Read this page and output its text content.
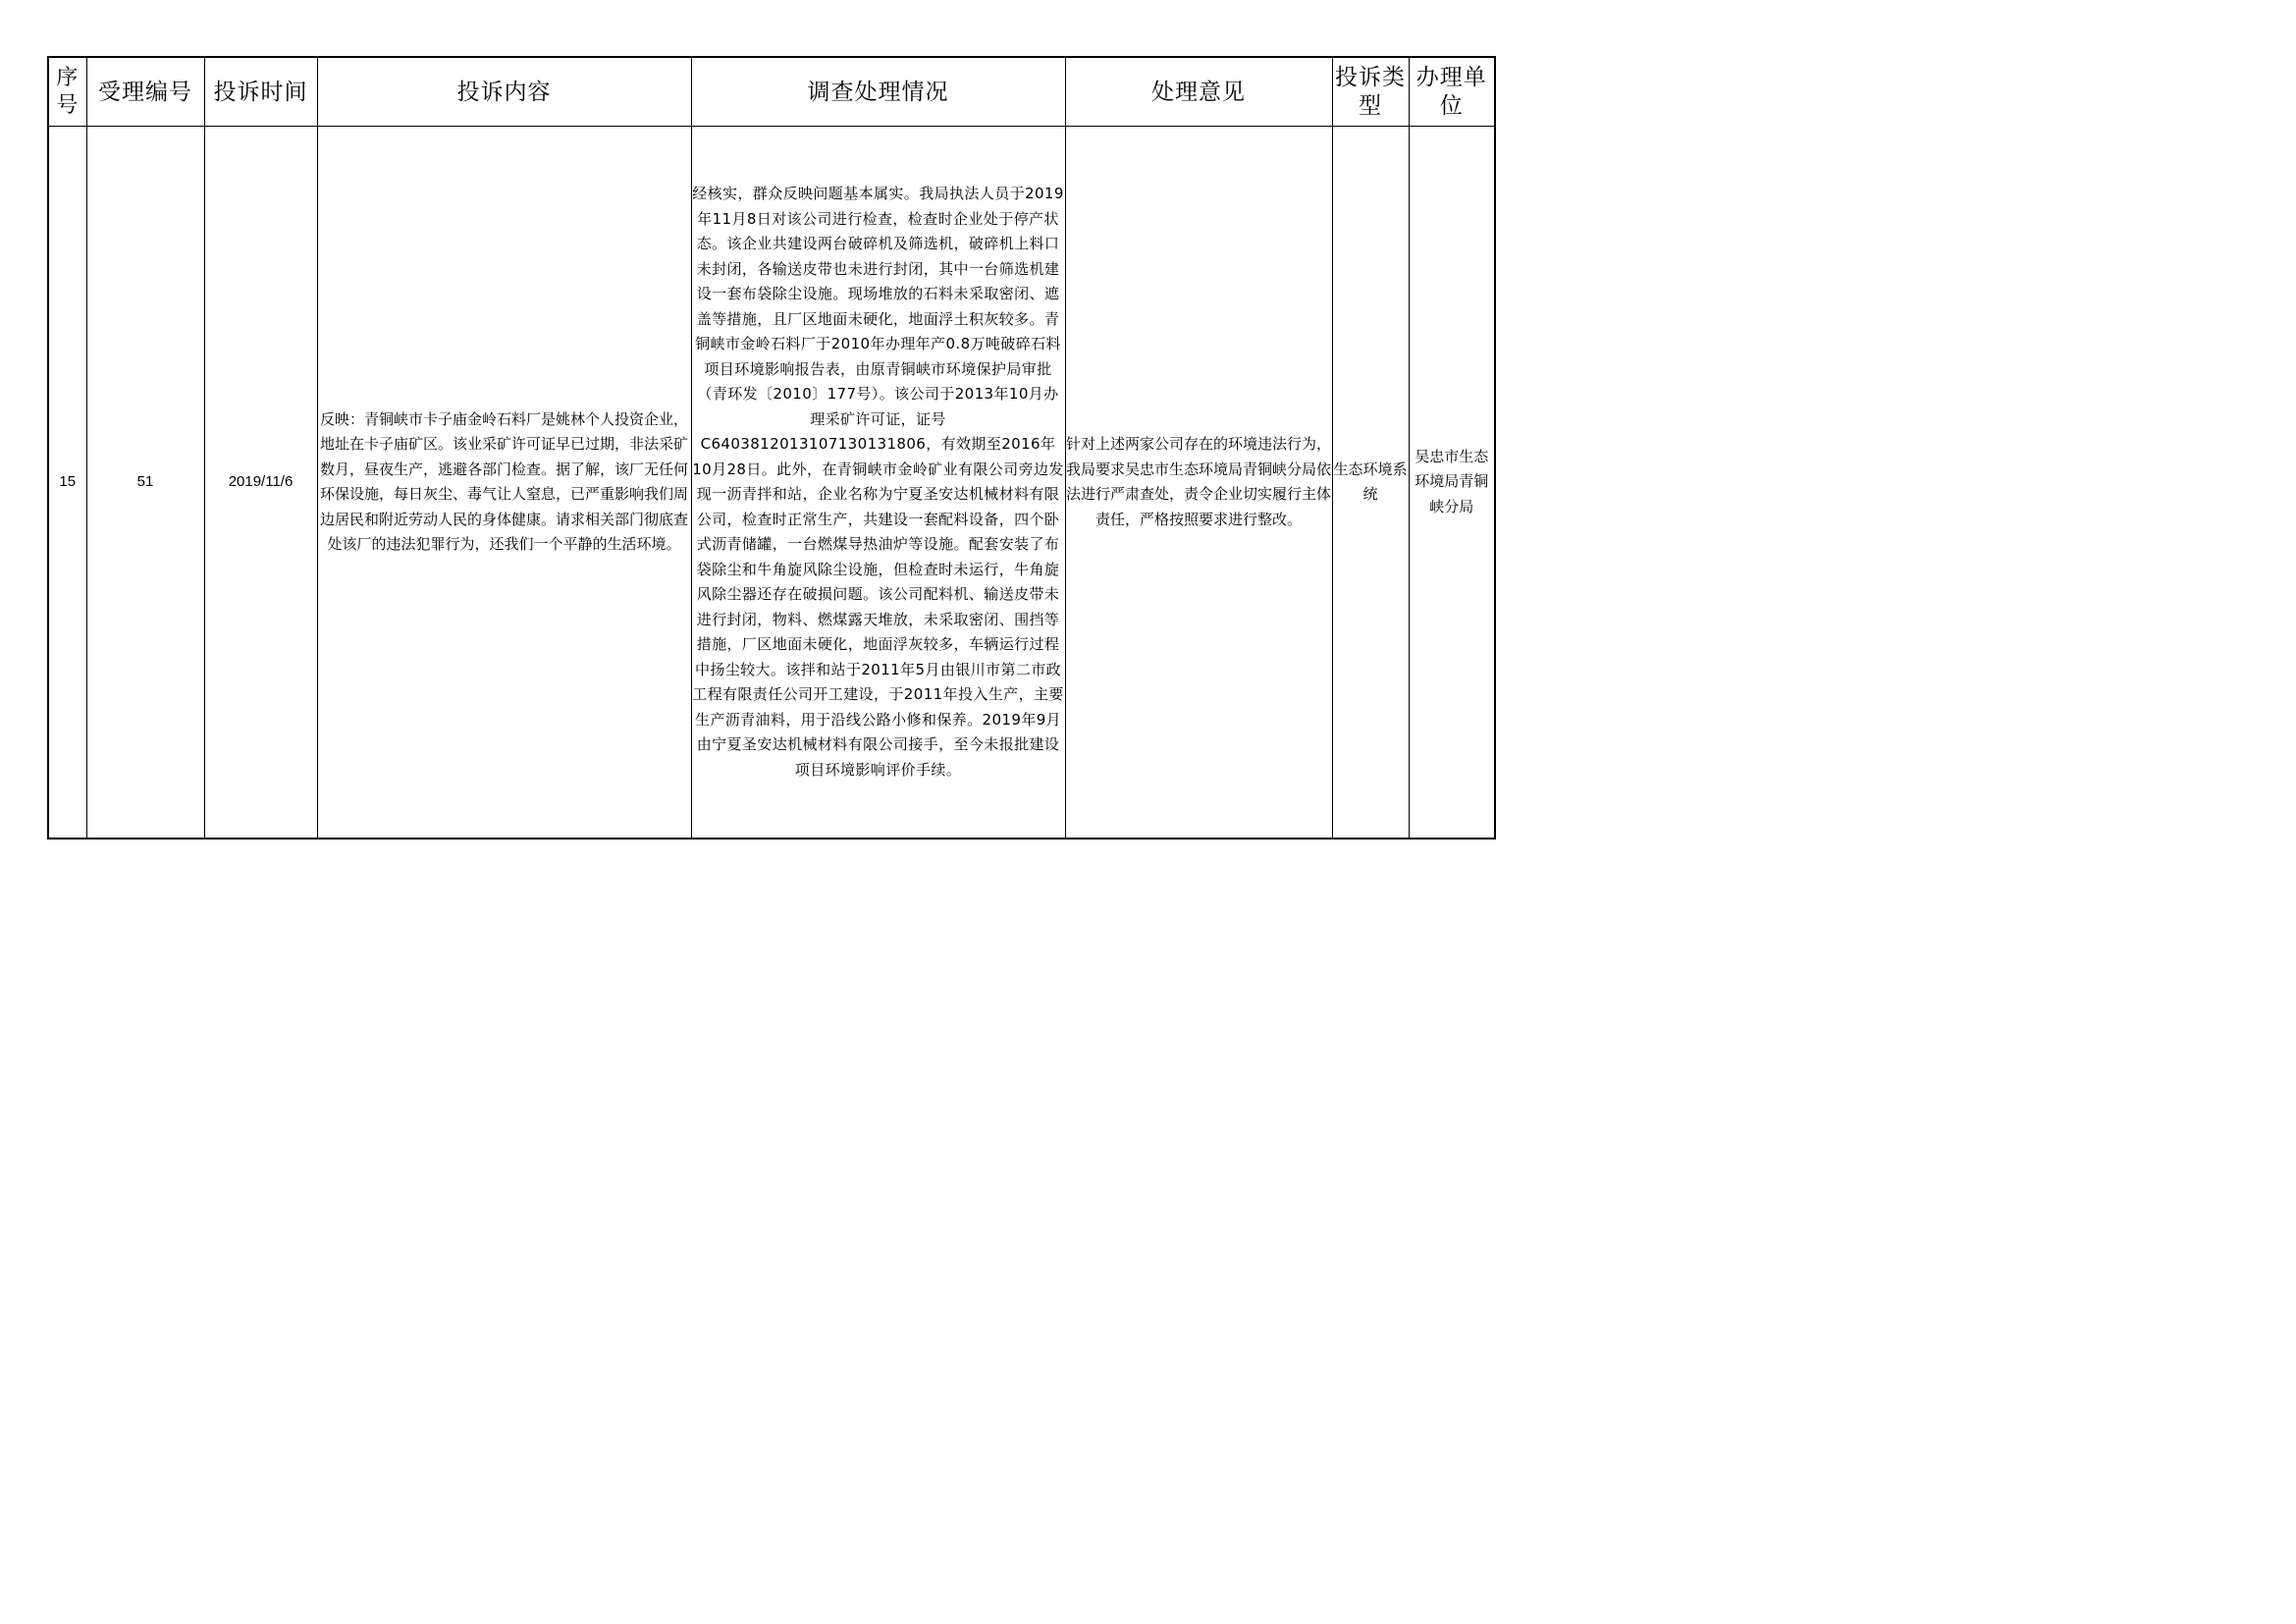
序号	受理编号	投诉时间	投诉内容	调查处理情况	处理意见	投诉类型	办理单位
15	51	2019/11/6	反映：青铜峡市卡子庙金岭石料厂是姚林个人投资企业，地址在卡子庙矿区。该业采矿许可证早已过期，非法采矿数月，昼夜生产，逃避各部门检查。据了解，该厂无任何环保设施，每日灰尘、毒气让人窒息，已严重影响我们周边居民和附近劳动人民的身体健康。请求相关部门彻底查处该厂的违法犯罪行为，还我们一个平静的生活环境。	经核实，群众反映问题基本属实。我局执法人员于2019年11月8日对该公司进行检查，检查时企业处于停产状态。该企业共建设两台破碎机及筛选机，破碎机上料口未封闭，各输送皮带也未进行封闭，其中一台筛选机建设一套布袋除尘设施。现场堆放的石料未采取密闭、遮盖等措施，且厂区地面未硬化，地面浮土积灰较多。青铜峡市金岭石料厂于2010年办理年产0.8万吨破碎石料项目环境影响报告表，由原青铜峡市环境保护局审批（青环发〔2010〕177号）。该公司于2013年10月办理采矿许可证，证号C6403812013107130131806，有效期至2016年10月28日。此外，在青铜峡市金岭矿业有限公司旁边发现一沥青拌和站，企业名称为宁夏圣安达机械材料有限公司，检查时正常生产，共建设一套配料设备，四个卧式沥青储罐，一台燃煤导热油炉等设施。配套安装了布袋除尘和牛角旋风除尘设施，但检查时未运行，牛角旋风除尘器还存在破损问题。该公司配料机、输送皮带未进行封闭，物料、燃煤露天堆放，未采取密闭、围挡等措施，厂区地面未硬化，地面浮灰较多，车辆运行过程中扬尘较大。该拌和站于2011年5月由银川市第二市政工程有限责任公司开工建设，于2011年投入生产，主要生产沥青油料，用于沿线公路小修和保养。2019年9月由宁夏圣安达机械材料有限公司接手，至今未报批建设项目环境影响评价手续。	针对上述两家公司存在的环境违法行为，我局要求吴忠市生态环境局青铜峡分局依法进行严肃查处，责令企业切实履行主体责任，严格按照要求进行整改。	生态环境系统	吴忠市生态环境局青铜峡分局
